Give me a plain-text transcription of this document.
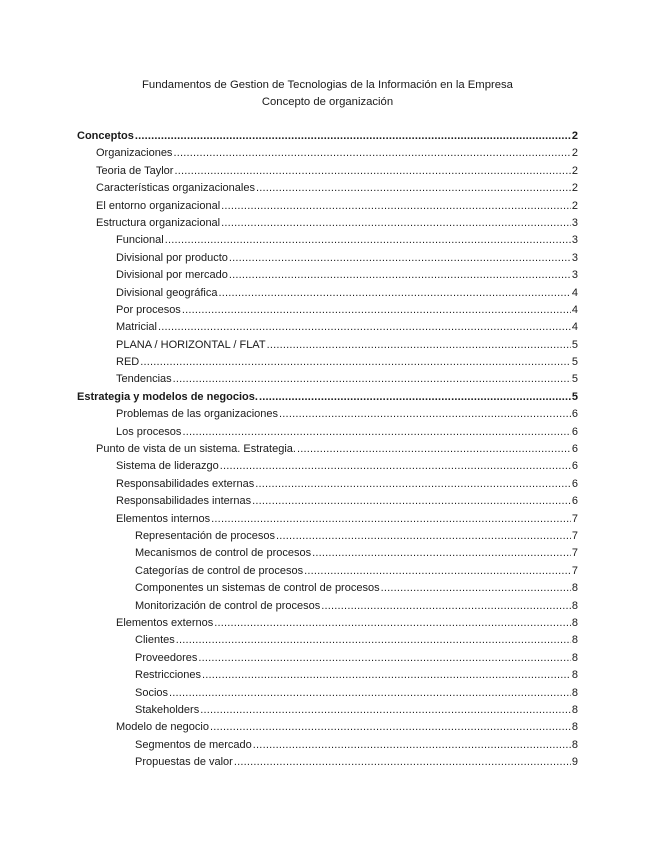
Fundamentos de Gestion de Tecnologias de la Información en la Empresa
Concepto de organización
Conceptos .....	2
Organizaciones .....	2
Teoria de Taylor .....	2
Características organizacionales .....	2
El entorno organizacional .....	2
Estructura organizacional .....	3
Funcional .....	3
Divisional por producto .....	3
Divisional por mercado .....	3
Divisional geográfica .....	4
Por procesos .....	4
Matricial .....	4
PLANA / HORIZONTAL / FLAT .....	5
RED .....	5
Tendencias .....	5
Estrategia y modelos de negocios. .....	5
Problemas de las organizaciones .....	6
Los procesos .....	6
Punto de vista de un sistema. Estrategia. .....	6
Sistema de liderazgo .....	6
Responsabilidades externas .....	6
Responsabilidades internas .....	6
Elementos internos .....	7
Representación de procesos .....	7
Mecanismos de control de procesos .....	7
Categorías de control de procesos .....	7
Componentes un sistemas de control de procesos .....	8
Monitorización de control de procesos .....	8
Elementos externos .....	8
Clientes .....	8
Proveedores .....	8
Restricciones .....	8
Socios .....	8
Stakeholders .....	8
Modelo de negocio .....	8
Segmentos de mercado .....	8
Propuestas de valor .....	9
